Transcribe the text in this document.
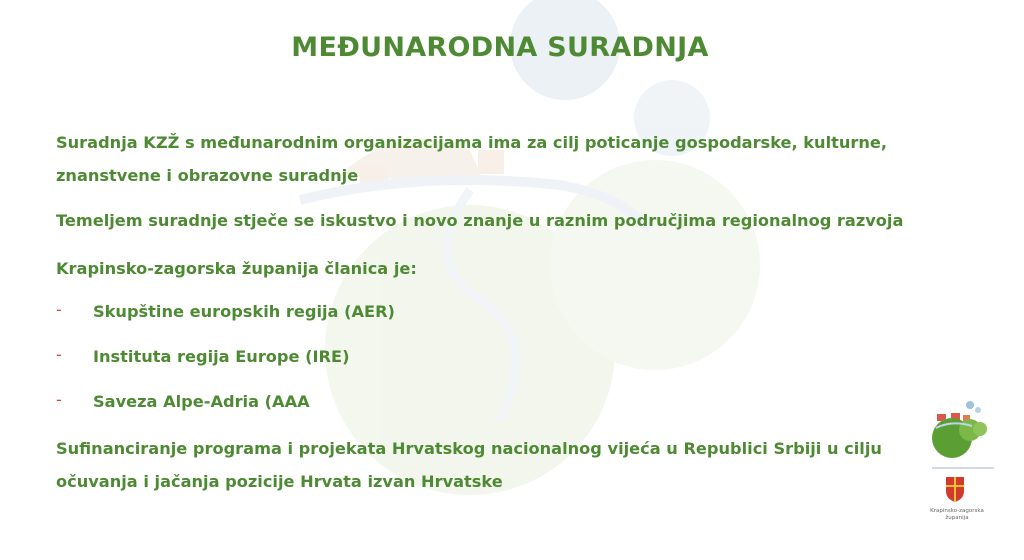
MEĐUNARODNA SURADNJA
Suradnja KZŽ s međunarodnim organizacijama ima za cilj poticanje gospodarske, kulturne, znanstvene i obrazovne suradnje
Temeljem suradnje stječe se iskustvo i novo znanje u raznim područjima regionalnog razvoja
Krapinsko-zagorska županija članica je:
- Skupštine europskih regija (AER)
- Instituta regija Europe (IRE)
- Saveza Alpe-Adria (AAA
Sufinanciranje programa i projekata Hrvatskog nacionalnog vijeća u Republici Srbiji u cilju očuvanja i jačanja pozicije Hrvata izvan Hrvatske
Krapinsko-zagorska
županija
